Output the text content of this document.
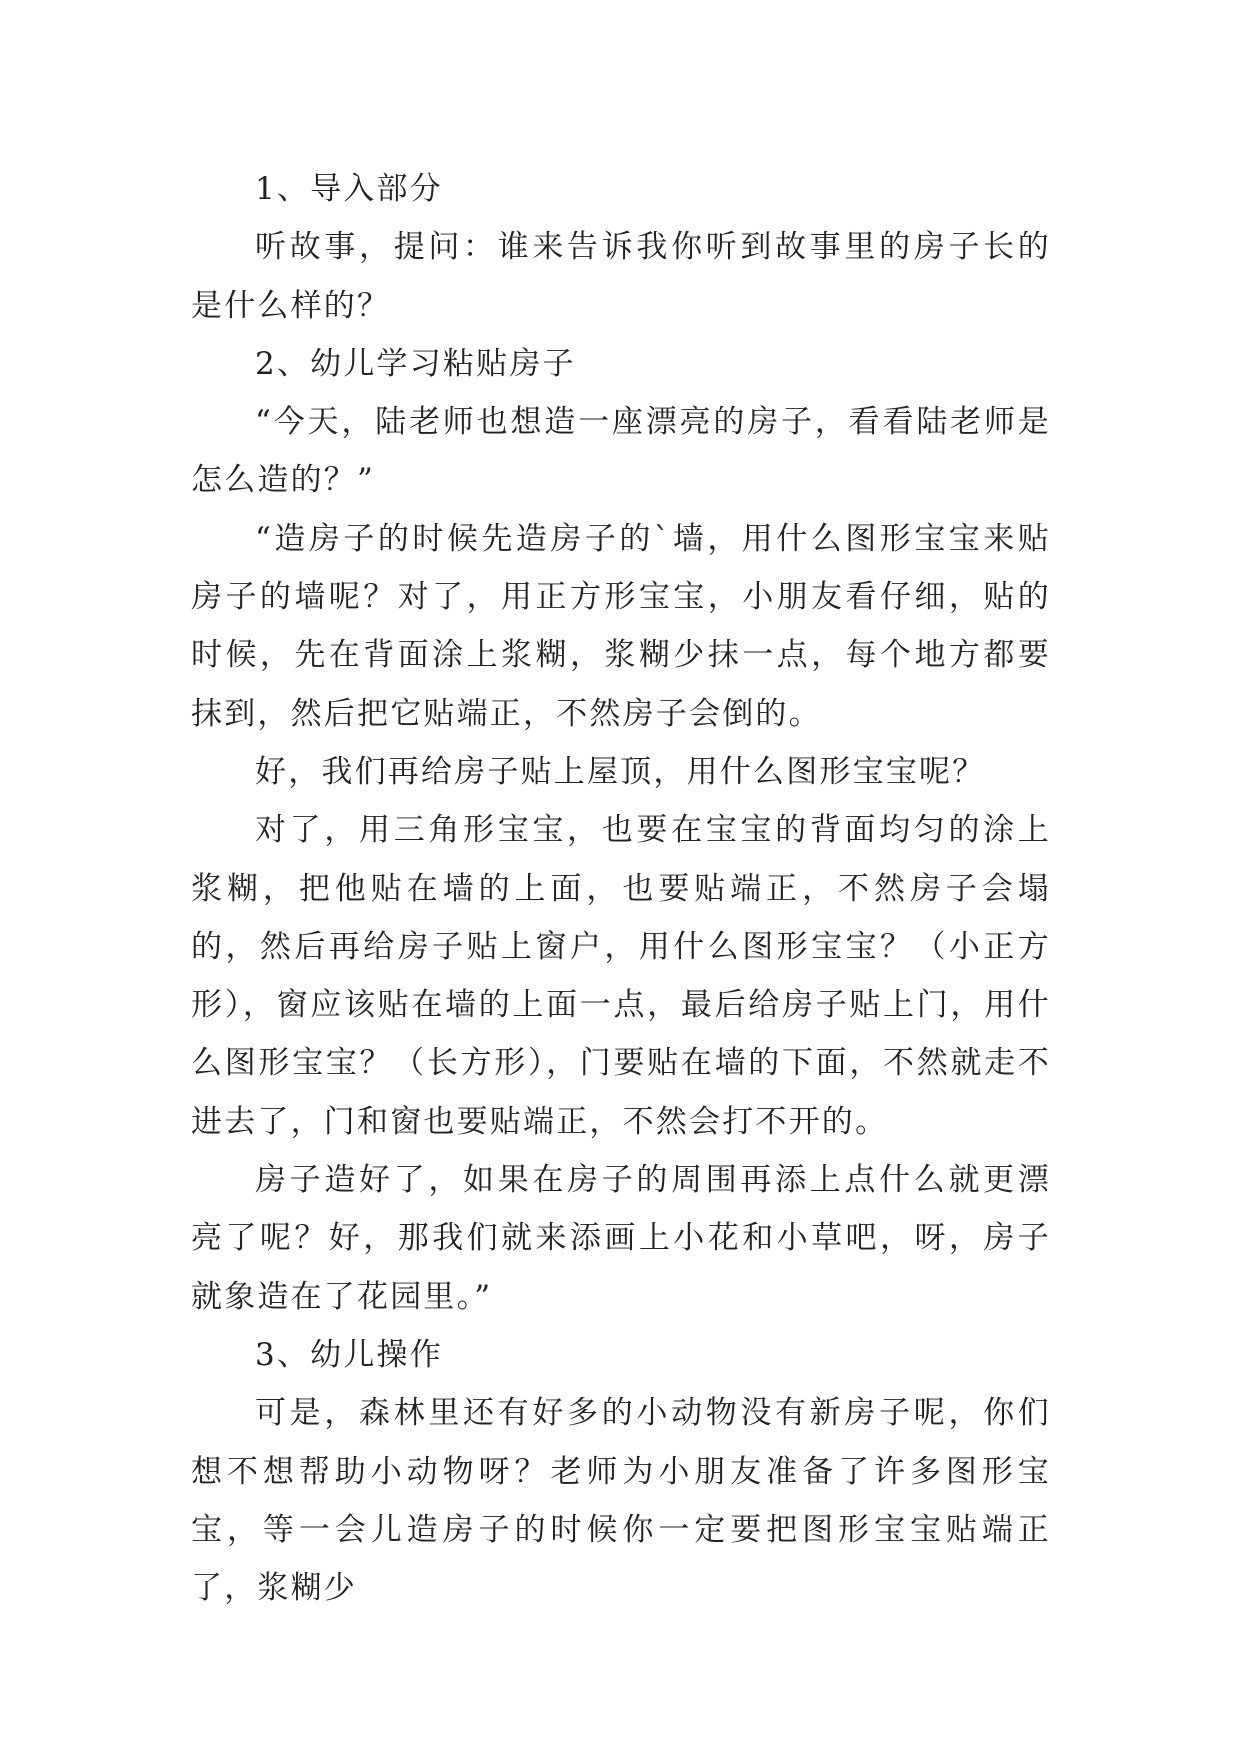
1、导入部分

听故事，提问：谁来告诉我你听到故事里的房子长的是什么样的？

2、幼儿学习粘贴房子

“今天，陆老师也想造一座漂亮的房子，看看陆老师是怎么造的？”

“造房子的时候先造房子的`墙，用什么图形宝宝来贴房子的墙呢？对了，用正方形宝宝，小朋友看仔细，贴的时候，先在背面涂上浆糊，浆糊少抹一点，每个地方都要抹到，然后把它贴端正，不然房子会倒的。

好，我们再给房子贴上屋顶，用什么图形宝宝呢？

对了，用三角形宝宝，也要在宝宝的背面均匀的涂上浆糊，把他贴在墙的上面，也要贴端正，不然房子会塌的，然后再给房子贴上窗户，用什么图形宝宝？（小正方形），窗应该贴在墙的上面一点，最后给房子贴上门，用什么图形宝宝？（长方形），门要贴在墙的下面，不然就走不进去了，门和窗也要贴端正，不然会打不开的。

房子造好了，如果在房子的周围再添上点什么就更漂亮了呢？好，那我们就来添画上小花和小草吧，呀，房子就象造在了花园里。”

3、幼儿操作

可是，森林里还有好多的小动物没有新房子呢，你们想不想帮助小动物呀？老师为小朋友准备了许多图形宝宝，等一会儿造房子的时候你一定要把图形宝宝贴端正了，浆糊少
